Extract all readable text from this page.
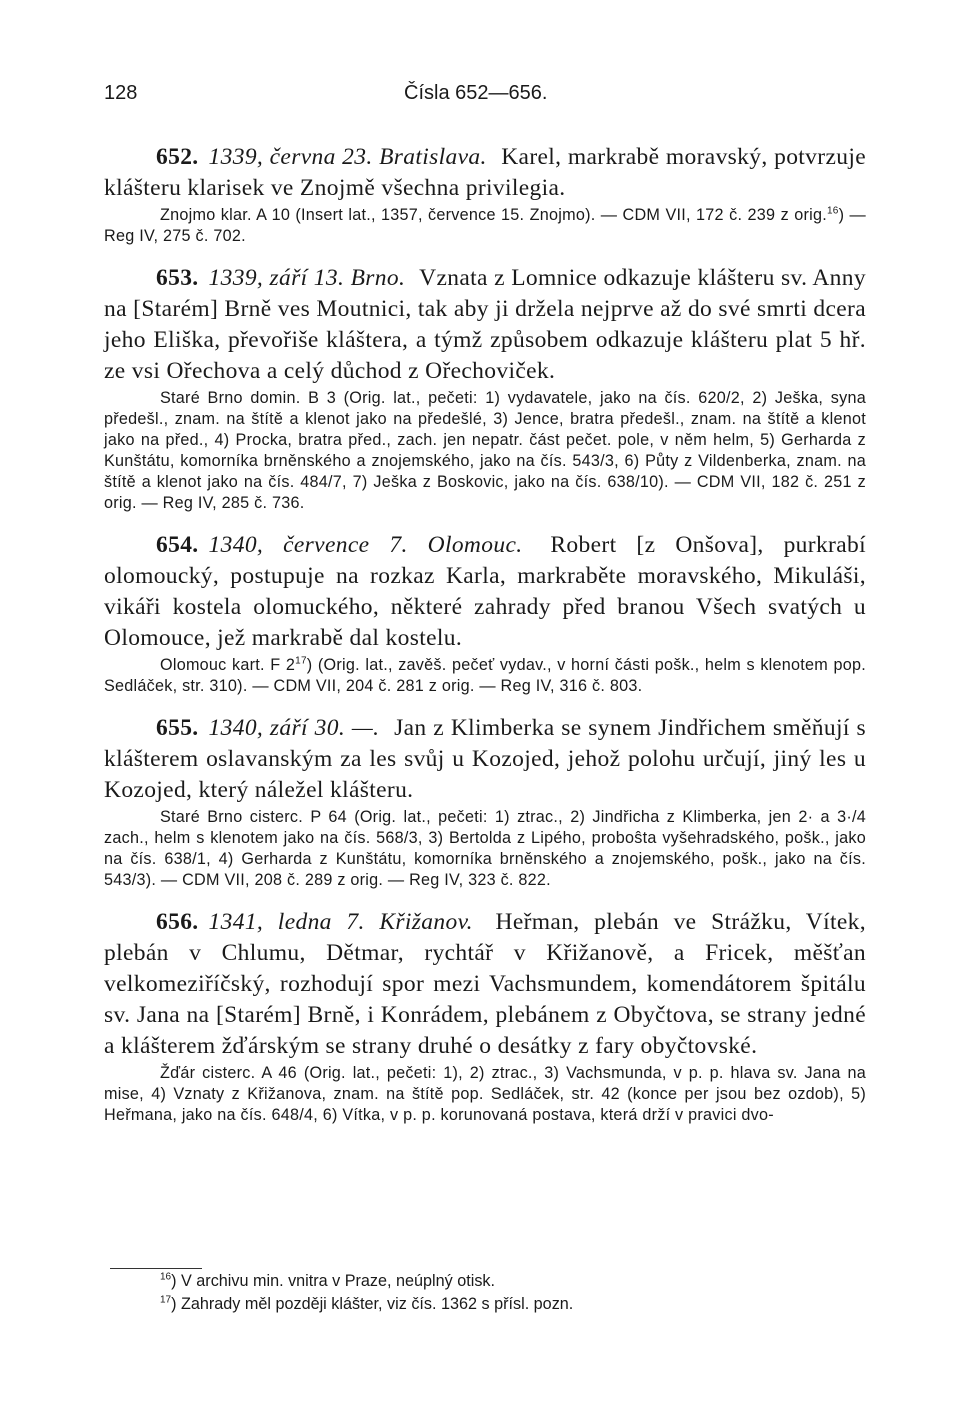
128	Čísla 652—656.

652. 1339, června 23. Bratislava. Karel, markrabě moravský, potvrzuje klášteru klarisek ve Znojmě všechna privilegia.

Znojmo klar. A 10 (Insert lat., 1357, července 15. Znojmo). — CDM VII, 172 č. 239 z orig.$^{16}$) — Reg IV, 275 č. 702.

653. 1339, září 13. Brno. Vznata z Lomnice odkazuje klášteru sv. Anny na [Starém] Brně ves Moutnici, tak aby ji držela nejprve až do své smrti dcera jeho Eliška, převořiše kláštera, a týmž způsobem odkazuje klášteru plat 5 hř. ze vsi Ořechova a celý důchod z Ořechoviček.

Staré Brno domin. B 3 (Orig. lat., pečeti: 1) vydavatele, jako na čís. 620/2, 2) Ješka, syna předešl., znam. na štítě a klenot jako na předešlé, 3) Jence, bratra předešl., znam. na štítě a klenot jako na před., 4) Procka, bratra před., zach. jen nepatr. část pečet. pole, v něm helm, 5) Gerharda z Kunštátu, komorníka brněnského a znojemského, jako na čís. 543/3, 6) Půty z Vildenberka, znam. na štítě a klenot jako na čís. 484/7, 7) Ješka z Boskovic, jako na čís. 638/10). — CDM VII, 182 č. 251 z orig. — Reg IV, 285 č. 736.

654. 1340, července 7. Olomouc. Robert [z Onšova], purkrabí olomoucký, postupuje na rozkaz Karla, markraběte moravského, Mikuláši, vikáři kostela olomuckého, některé zahrady před branou Všech svatých u Olomouce, jež markrabě dal kostelu.

Olomouc kart. F $2^{17}$) (Orig. lat., zavěš. pečeť vydav., v horní části pošk., helm s klenotem pop. Sedláček, str. 310). — CDM VII, 204 č. 281 z orig. — Reg IV, 316 č. 803.

655. 1340, září 30. —. Jan z Klimberka se synem Jindřichem směňují s klášterem oslavanským za les svůj u Kozojed, jehož polohu určují, jiný les u Kozojed, který náležel klášteru.

Staré Brno cisterc. P 64 (Orig. lat., pečeti: 1) ztrac., 2) Jindřicha z Klimberka, jen 2· a 3·/4 zach., helm s klenotem jako na čís. 568/3, 3) Bertolda z Lipého, proboŝta vyšehradského, pošk., jako na čís. 638/1, 4) Gerharda z Kunštátu, komorníka brněnského a znojemského, pošk., jako na čís. 543/3). — CDM VII, 208 č. 289 z orig. — Reg IV, 323 č. 822.

656. 1341, ledna 7. Křižanov. Heřman, plebán ve Strážku, Vítek, plebán v Chlumu, Dětmar, rychtář v Křižanově, a Fricek, měšťan velkomeziříčský, rozhodují spor mezi Vachsmundem, komendátorem špitálu sv. Jana na [Starém] Brně, i Konrádem, plebánem z Obyčtova, se strany jedné a klášterem žďárským se strany druhé o desátky z fary obyčtovské.

Žďár cisterc. A 46 (Orig. lat., pečeti: 1), 2) ztrac., 3) Vachsmunda, v p. p. hlava sv. Jana na mise, 4) Vznaty z Křižanova, znam. na štítě pop. Sedláček, str. 42 (konce per jsou bez ozdob), 5) Heřmana, jako na čís. 648/4, 6) Vítka, v p. p. korunovaná postava, která drží v pravici dvo-

$^{16}$) V archivu min. vnitra v Praze, neúplný otisk.

$^{17}$) Zahrady měl později klášter, viz čís. 1362 s přísl. pozn.
